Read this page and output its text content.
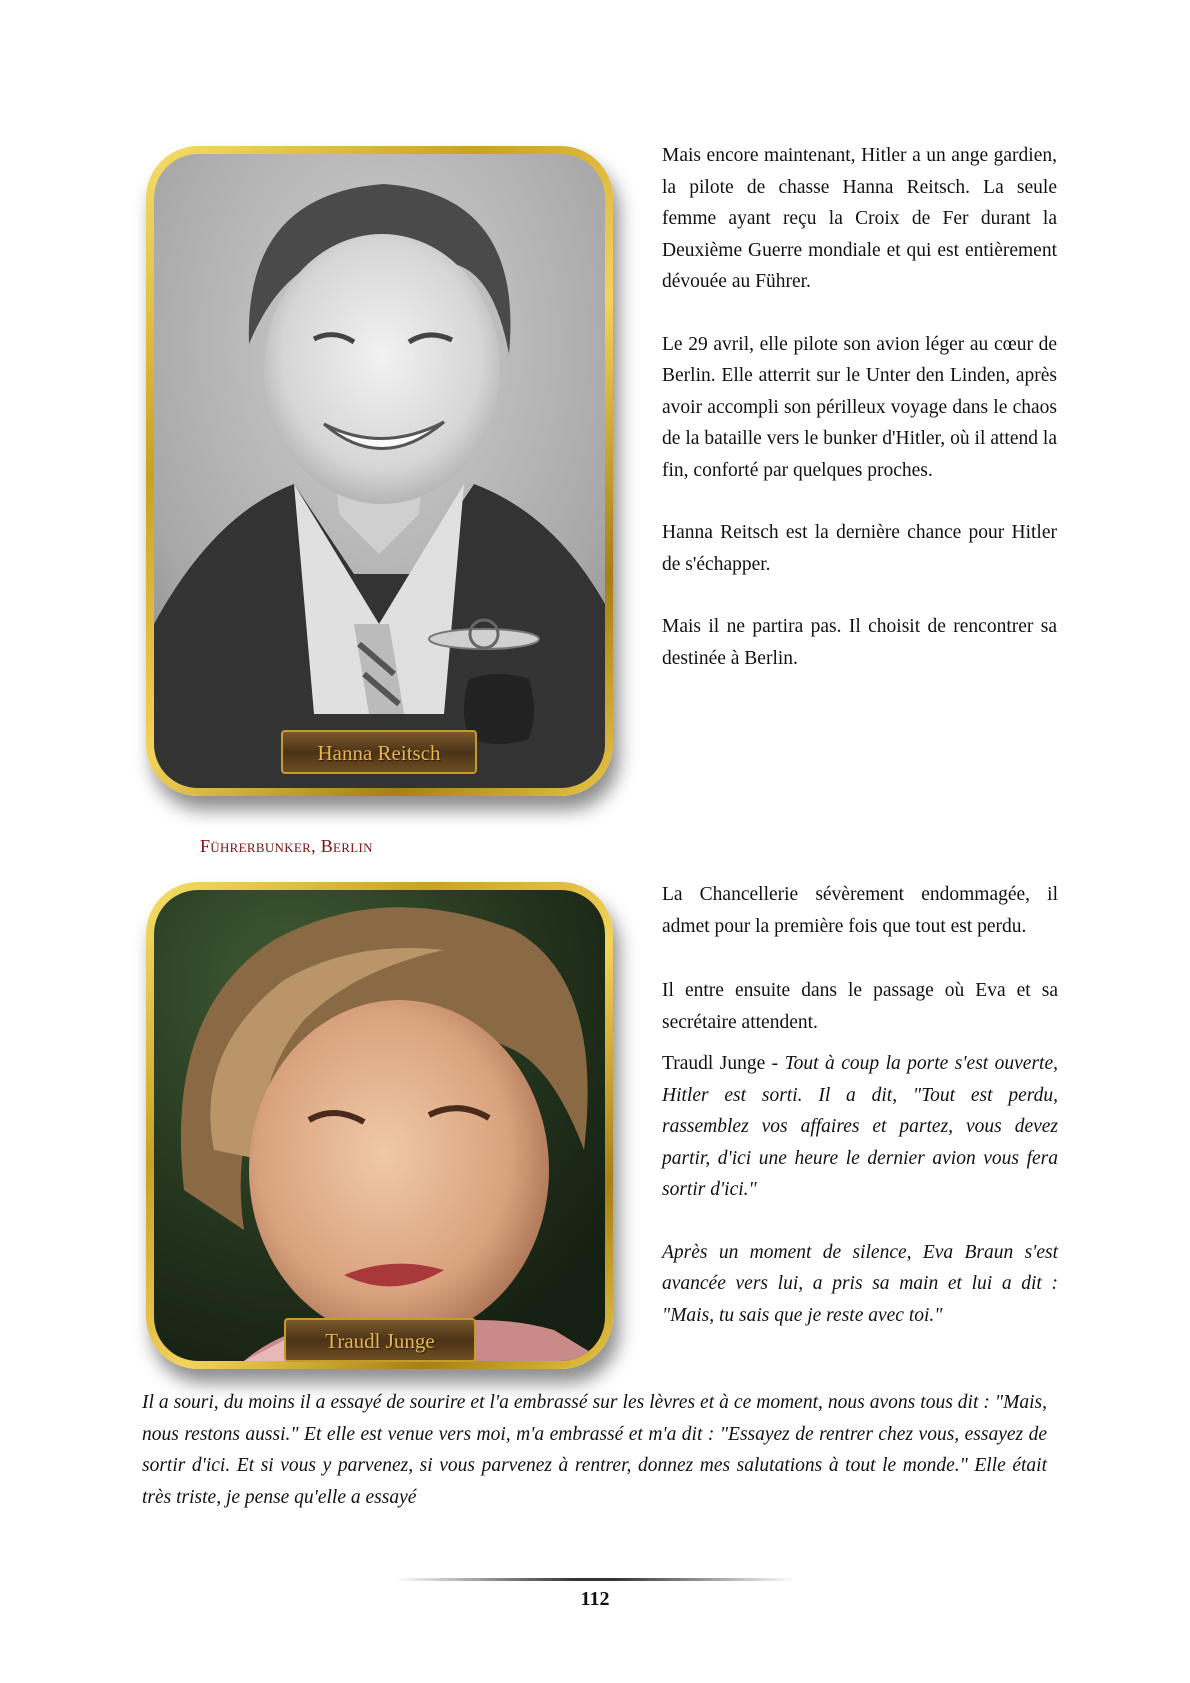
Hanna Reitsch

Mais encore maintenant, Hitler a un ange gardien, la pilote de chasse Hanna Reitsch. La seule femme ayant reçu la Croix de Fer durant la Deuxième Guerre mondiale et qui est entièrement dévouée au Führer.

Le 29 avril, elle pilote son avion léger au cœur de Berlin. Elle atterrit sur le Unter den Linden, après avoir accompli son périlleux voyage dans le chaos de la bataille vers le bunker d'Hitler, où il attend la fin, conforté par quelques proches.

Hanna Reitsch est la dernière chance pour Hitler de s'échapper.

Mais il ne partira pas. Il choisit de rencontrer sa destinée à Berlin.

Führerbunker, Berlin
Traudl Junge

La Chancellerie sévèrement endommagée, il admet pour la première fois que tout est perdu.

Il entre ensuite dans le passage où Eva et sa secrétaire attendent.

Traudl Junge - Tout à coup la porte s'est ouverte, Hitler est sorti. Il a dit, "Tout est perdu, rassemblez vos affaires et partez, vous devez partir, d'ici une heure le dernier avion vous fera sortir d'ici."

Après un moment de silence, Eva Braun s'est avancée vers lui, a pris sa main et lui a dit : "Mais, tu sais que je reste avec toi."

Il a souri, du moins il a essayé de sourire et l'a embrassé sur les lèvres et à ce moment, nous avons tous dit : "Mais, nous restons aussi." Et elle est venue vers moi, m'a embrassé et m'a dit : "Essayez de rentrer chez vous, essayez de sortir d'ici. Et si vous y parvenez, si vous parvenez à rentrer, donnez mes salutations à tout le monde." Elle était très triste, je pense qu'elle a essayé
112
